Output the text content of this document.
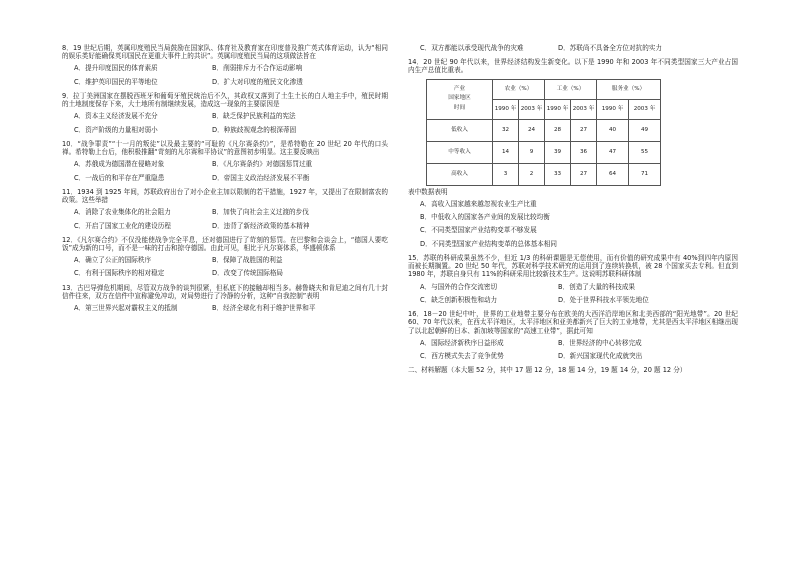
8．19 世纪后期，英属印度殖民当局鼓励在国家队、体育社及教育家在印度普及推广英式体育运动，认为“相同的娱乐类好能确保英印国民在更重大事件上的共识”。英属印度殖民当局的这项做法旨在

A．提升印度国民的体育素质	B．削弱排斥力不合作运动影响
C．维护英印国民的平等地位	D．扩大对印度的殖民文化渗透

9．拉丁美洲国家在摆脱西班牙和葡萄牙殖民统治后不久，其政权又落到了土生土长的白人地主手中，殖民时期的土地制度保存下来，大土地所有制继续发展，造成这一现象的主要原因是

A．资本主义经济发展不充分	B．缺乏保护民族利益的宪法
C．资产阶级的力量相对弱小	D．种族歧视观念的根深蒂固

10．“战争罪责”“十一月的叛徒”以及最主要的“可耻的《凡尔赛条约》”，是希特勒在 20 世纪 20 年代的口头禅。希特勒上台后，他积极推翻“苛刻的凡尔赛和平协议”的意图初步明显。这主要反映出

A．苏俄成为德国潜在侵略对象	B．《凡尔赛条约》对德国惩罚过重
C．一战后的和平存在严重隐患	D．帝国主义政治经济发展不平衡

11．1934 到 1925 年间，苏联政府出台了对小企业主加以限制的若干措施，1927 年，又提出了在限制富农的政策。这些举措

A．消除了农业集体化的社会阻力	B．加快了向社会主义过渡的步伐
C．开启了国家工业化的建设历程	D．违背了新经济政策的基本精神

12．《凡尔赛合约》不仅没能使战争完全平息，还对德国进行了苛刻的惩罚。在巴黎和会谈会上，“德国人要吃饭”成为新的口号，而不是一味的打击和掠夺德国。由此可见，相比于凡尔赛体系，华盛顿体系

A．确立了公正的国际秩序	B．保障了战胜国的利益
C．有利于国际秩序的相对稳定	D．改变了传统国际格局

13．古巴导弹危机期间，尽管双方战争的谈判很紧，但私底下的接触却相当多。赫鲁晓夫和肯尼迪之间有几十封信件往来，双方在信件中宣称避免冲动，对局势进行了冷静的分析，这种“自我控制”表明

A．第三世界兴起对霸权主义的抵制	B．经济全球化有利于维护世界和平
C．双方都能以承受现代战争的灾难	D．苏联尚不具备全方位对抗的实力

14．20 世纪 90 年代以来，世界经济结构发生新变化。以下是 1990 年和 2003 年不同类型国家三大产业占国内生产总值比重表。

产业
国家地区
时间	农业（%）		工业（%）		服务业（%）	
	1990 年	2003 年	1990 年	2003 年	1990 年	2003 年
低收入	32	24	28	27	40	49
中等收入	14	9	39	36	47	55
高收入	3	2	33	27	64	71

表中数据表明

A．高收入国家越来越忽视农业生产比重
B．中低收入的国家各产业间的发展比较均衡
C．不同类型国家产业结构变革不够发展
D．不同类型国家产业结构变革的总体基本相同

15．苏联的科研成果虽然不少，但近 1/3 的科研课题是无偿使用，而有价值的研究成果中有 40%到四年内原因而被长期搁置。20 世纪 50 年代，苏联对科学技术研究的运用到了连续转换机，被 28 个国家买去专利。但直到 1980 年，苏联自身只有 11%的科研采用比较新技术生产。这说明苏联科研体制

A．与国外的合作交流密切	B．创造了大量的科技成果
C．缺乏创新积极性和动力	D．处于世界科技水平领先地位

16．18－20 世纪中叶，世界的工业地带主要分布在欧美的大西洋沿岸地区和北美西部的“阳光地带”。20 世纪 60、70 年代以来，在西太平洋地区，太平洋地区和亚美都新兴了巨大的工业地带，尤其是西太平洋地区相继出现了以北起朝鲜的日本、新加坡等国家的“高速工业带”，据此可知

A．国际经济新秩序日益形成	B．世界经济的中心转移完成
C．西方模式失去了竞争优势	D．新兴国家现代化成就突出

二、材料解题（本大题 52 分，其中 17 题 12 分，18 题 14 分，19 题 14 分，20 题 12 分）
